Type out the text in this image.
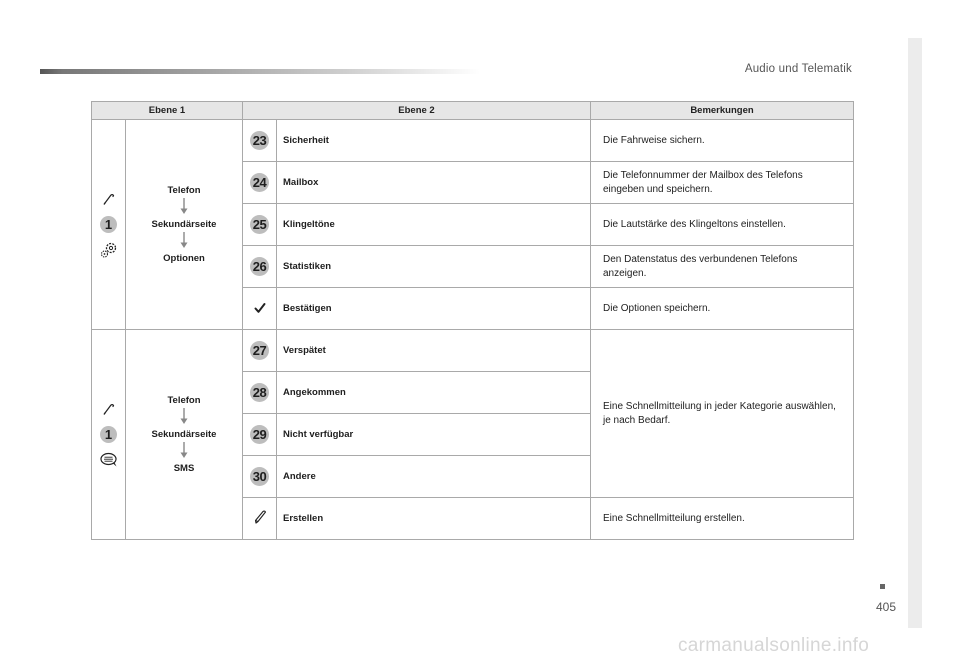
Audio und Telematik
405
carmanualsonline.info
Ebene 1		Ebene 2		Bemerkungen

1	Telefon
Sekundärseite
Optionen	23	Sicherheit	Die Fahrweise sichern.
		24	Mailbox	Die Telefonnummer der Mailbox des Telefons eingeben und speichern.
		25	Klingeltöne	Die Lautstärke des Klingeltons einstellen.
		26	Statistiken	Den Datenstatus des verbundenen Telefons anzeigen.

	Bestätigen	Die Optionen speichern.

1	Telefon
Sekundärseite
SMS	27	Verspätet	Eine Schnellmitteilung in jeder Kategorie auswählen, je nach Bedarf.
		28	Angekommen	
		29	Nicht verfügbar	
		30	Andere	

	Erstellen	Eine Schnellmitteilung erstellen.
